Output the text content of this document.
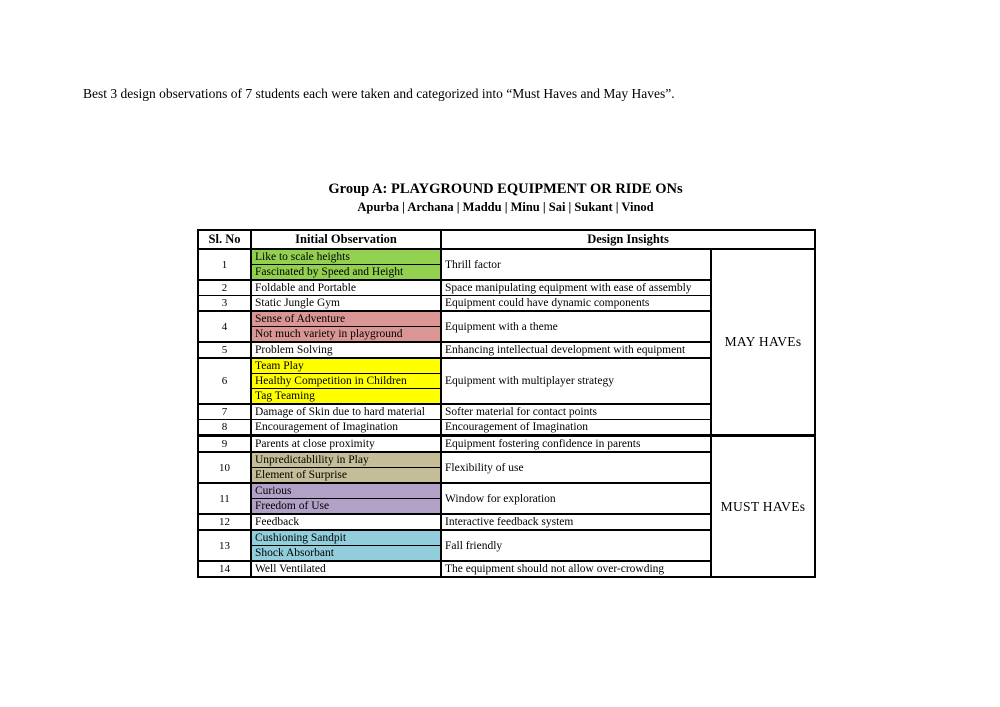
Best 3 design observations of 7 students each were taken and categorized into “Must Haves and May Haves”.
Group A: PLAYGROUND EQUIPMENT OR RIDE ONs
Apurba | Archana | Maddu | Minu | Sai | Sukant | Vinod
Sl. No	Initial Observation	Design Insights	
1	Like to scale heights	Thrill factor	MAY HAVEs
	Fascinated by Speed and Height		
2	Foldable and Portable	Space manipulating equipment with ease of assembly	
3	Static Jungle Gym	Equipment could have dynamic components	
4	Sense of Adventure	Equipment with a theme	
	Not much variety in playground		
5	Problem Solving	Enhancing intellectual development with equipment	
6	Team Play	Equipment with multiplayer strategy	
	Healthy Competition in Children		
	Tag Teaming		
7	Damage of Skin due to hard material	Softer material for contact points	
8	Encouragement of Imagination	Encouragement of Imagination	
9	Parents at close proximity	Equipment fostering confidence in parents	MUST HAVEs
10	Unpredictablility in Play	Flexibility of use	
	Element of Surprise		
11	Curious	Window for exploration	
	Freedom of Use		
12	Feedback	Interactive feedback system	
13	Cushioning Sandpit	Fall friendly	
	Shock Absorbant		
14	Well Ventilated	The equipment should not allow over-crowding	
